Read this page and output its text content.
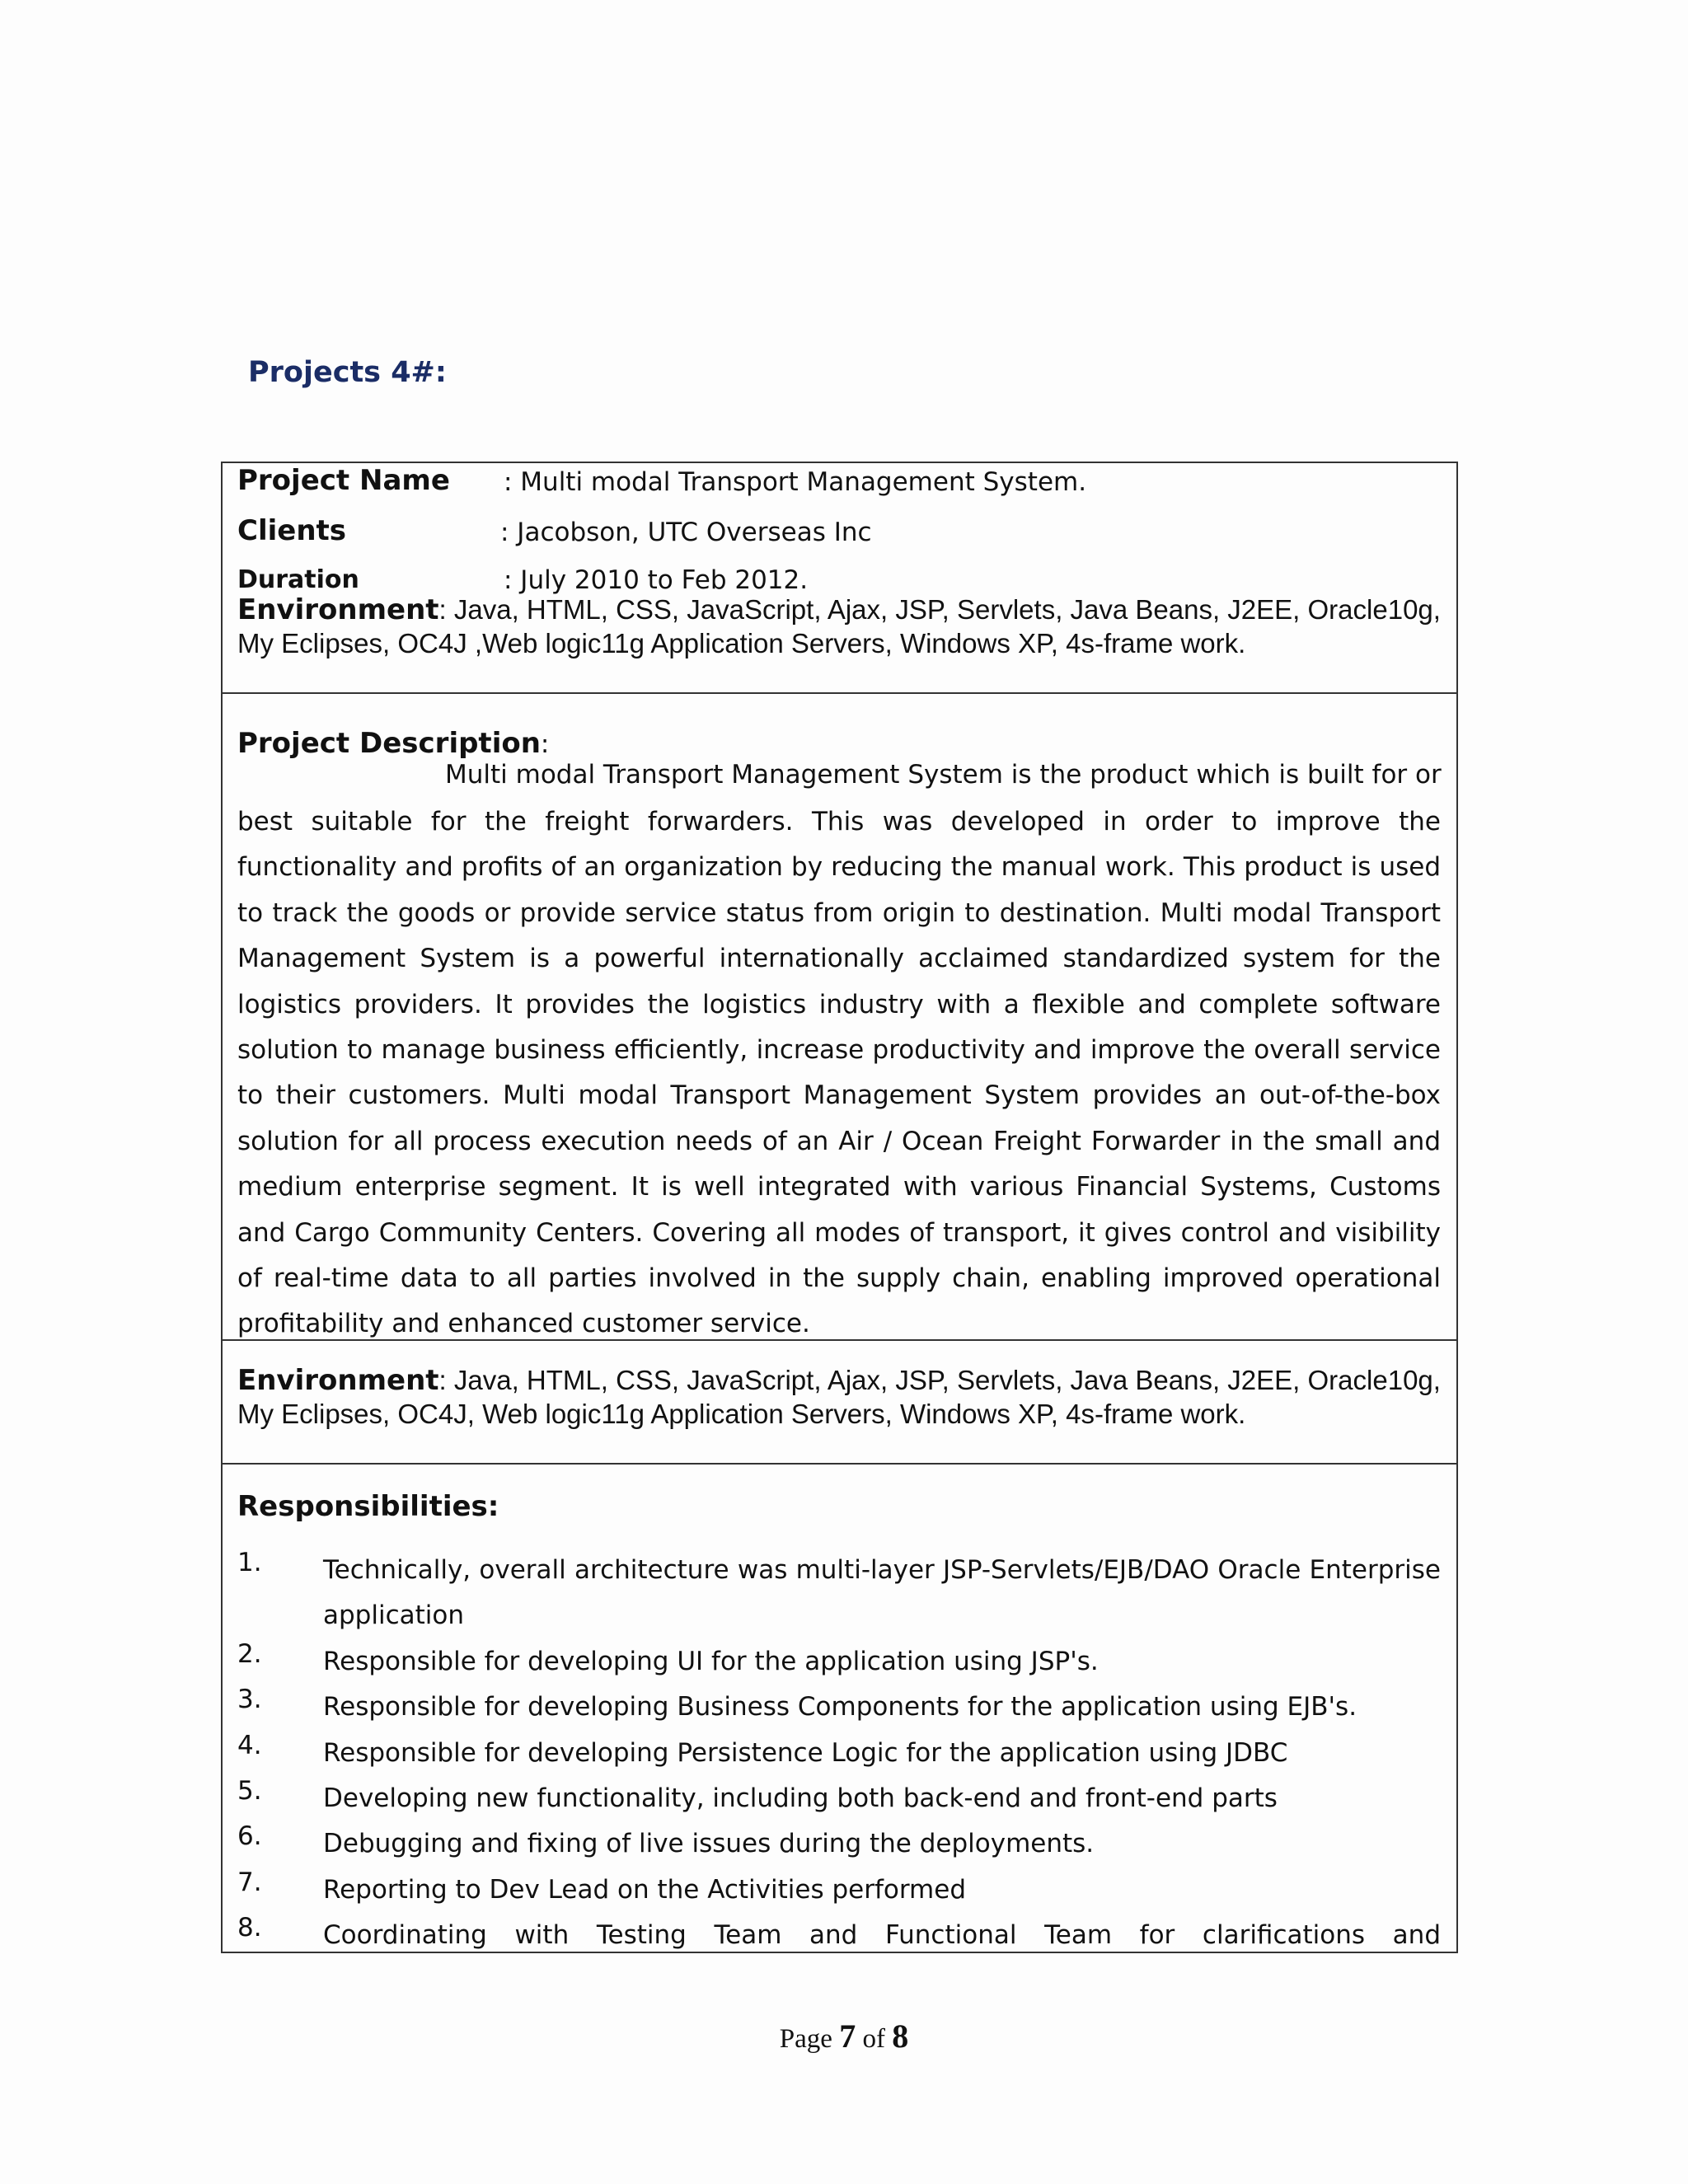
Projects 4#:
Project Name : Multi modal Transport Management System.
Clients	: Jacobson, UTC Overseas Inc
Duration	: July 2010 to Feb 2012.
Environment: Java, HTML, CSS, JavaScript, Ajax, JSP, Servlets, Java Beans, J2EE, Oracle10g,
My Eclipses, OC4J ,Web logic11g Application Servers, Windows XP, 4s-frame work.
Project Description:
Multi modal Transport Management System is the product which is built for or
best suitable for the freight forwarders. This was developed in order to improve the functionality and profits of an organization by reducing the manual work. This product is used to track the goods or provide service status from origin to destination. Multi modal Transport Management System is a powerful internationally acclaimed standardized system for the logistics providers. It provides the logistics industry with a flexible and complete software solution to manage business efficiently, increase productivity and improve the overall service to their customers. Multi modal Transport Management System provides an out-of-the-box solution for all process execution needs of an Air / Ocean Freight Forwarder in the small and medium enterprise segment. It is well integrated with various Financial Systems, Customs and Cargo Community Centers. Covering all modes of transport, it gives control and visibility of real-time data to all parties involved in the supply chain, enabling improved operational profitability and enhanced customer service.
Environment: Java, HTML, CSS, JavaScript, Ajax, JSP, Servlets, Java Beans, J2EE, Oracle10g,
My Eclipses, OC4J, Web logic11g Application Servers, Windows XP, 4s-frame work.
Responsibilities:
1. Technically, overall architecture was multi-layer JSP-Servlets/EJB/DAO Oracle Enterprise application
2. Responsible for developing UI for the application using JSP's.
3. Responsible for developing Business Components for the application using EJB's.
4. Responsible for developing Persistence Logic for the application using JDBC
5. Developing new functionality, including both back-end and front-end parts
6. Debugging and fixing of live issues during the deployments.
7. Reporting to Dev Lead on the Activities performed
8. Coordinating with Testing Team and Functional Team for clarifications and
Page 7 of 8
